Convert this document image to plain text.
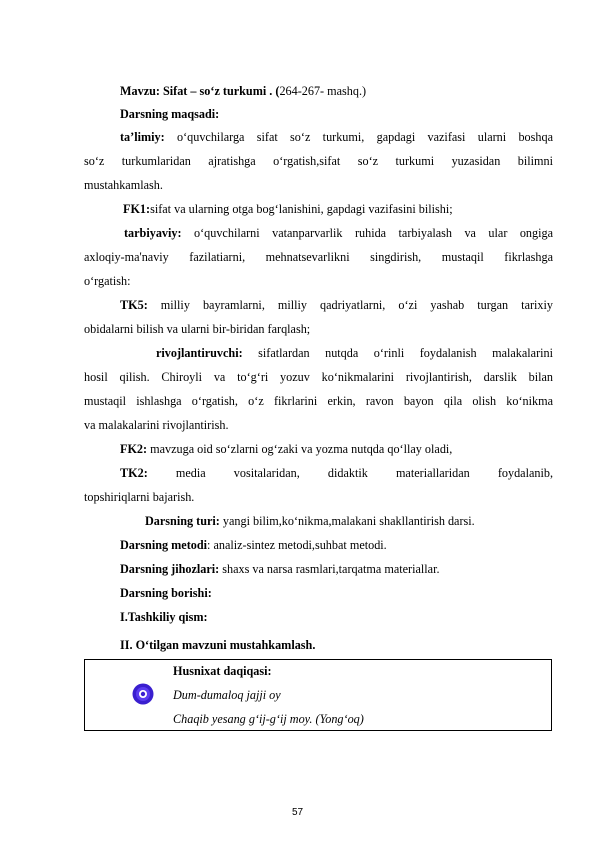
Mavzu: Sifat – so‘z turkumi . (264-267- mashq.)
Darsning maqsadi:
ta’limiy: o‘quvchilarga sifat so‘z turkumi, gapdagi vazifasi ularni boshqa
so‘z turkumlaridan ajratishga o‘rgatish,sifat so‘z turkumi yuzasidan bilimni
mustahkamlash.
FK1:sifat va ularning otga bog‘lanishini, gapdagi vazifasini bilishi;
tarbiyaviy: o‘quvchilarni vatanparvarlik ruhida tarbiyalash va ular ongiga
axloqiy-ma'naviy fazilatiarni, mehnatsevarlikni singdirish, mustaqil fikrlashga
o‘rgatish:
TK5: milliy bayramlarni, milliy qadriyatlarni, o‘zi yashab turgan tarixiy
obidalarni bilish va ularni bir-biridan farqlash;
rivojlantiruvchi: sifatlardan nutqda o‘rinli foydalanish malakalarini
hosil qilish. Chiroyli va to‘g‘ri yozuv ko‘nikmalarini rivojlantirish, darslik bilan
mustaqil ishlashga o‘rgatish, o‘z fikrlarini erkin, ravon bayon qila olish ko‘nikma
va malakalarini rivojlantirish.
FK2: mavzuga oid so‘zlarni og‘zaki va yozma nutqda qo‘llay oladi,
TK2: media vositalaridan, didaktik materiallaridan foydalanib,
topshiriqlarni bajarish.
Darsning turi: yangi bilim,ko‘nikma,malakani shakllantirish darsi.
Darsning metodi: analiz-sintez metodi,suhbat metodi.
Darsning jihozlari: shaxs va narsa rasmlari,tarqatma materiallar.
Darsning borishi:
I.Tashkiliy qism:
II. O‘tilgan mavzuni mustahkamlash.
Husnixat daqiqasi:
Dum-dumaloq jajji oy
Chaqib yesang g‘ij-g‘ij moy. (Yong‘oq)
57
